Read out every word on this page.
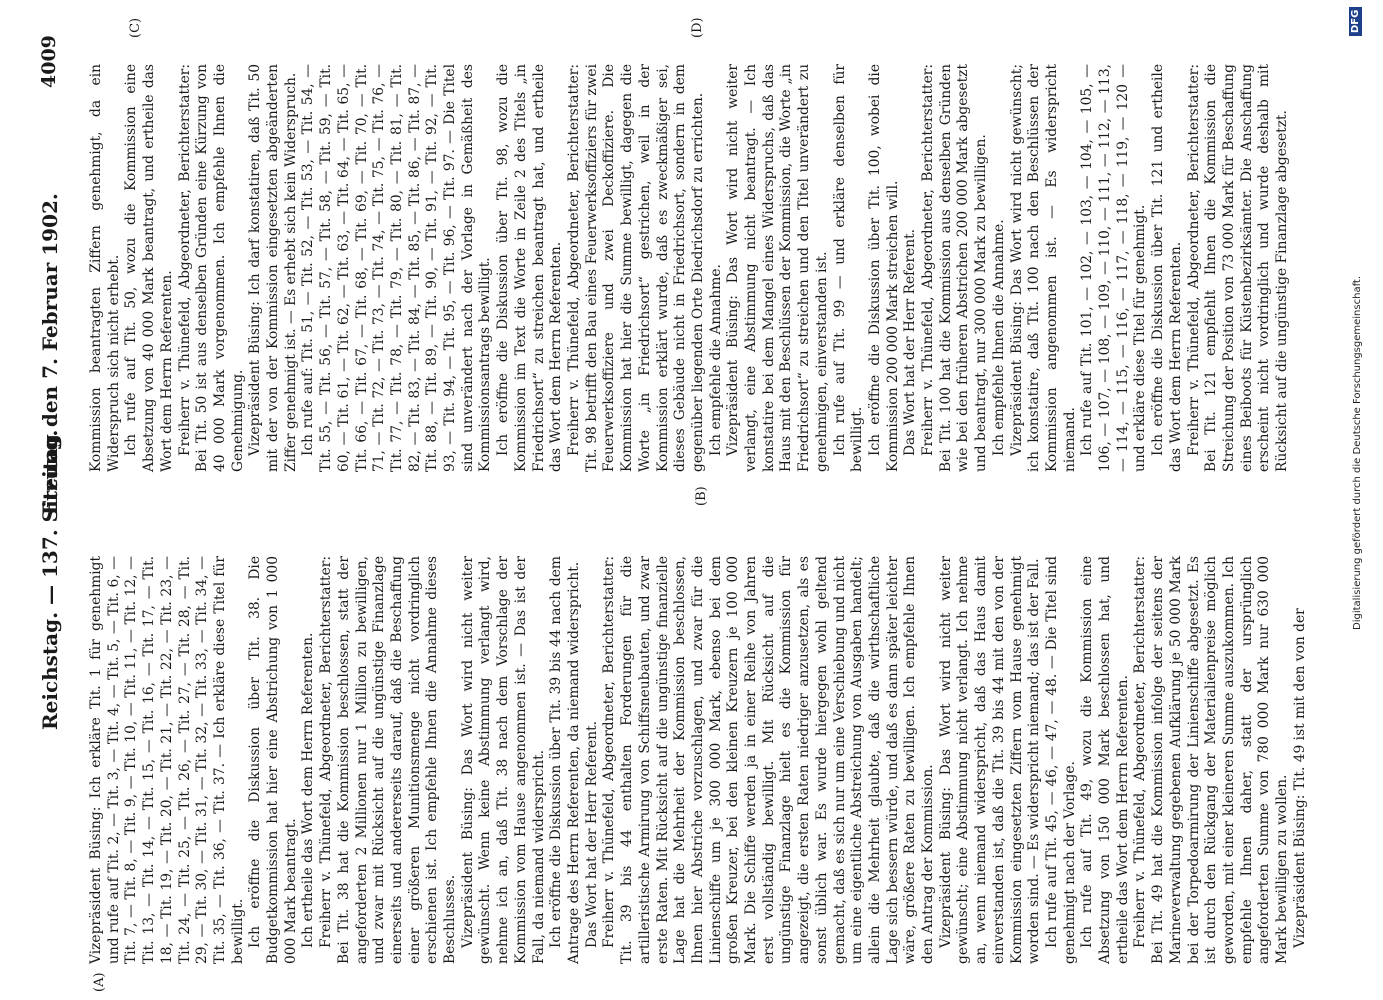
Reichstag. — 137. Sitzung.
Freitag den 7. Februar 1902.
4009
(A)
(B)
(C)	(D)

Vizepräsident Büsing: Ich erkläre Tit. 1 für genehmigt und rufe auf Tit. 2, — Tit. 3, — Tit. 4, — Tit. 5, — Tit. 6, — Tit. 7, — Tit. 8, — Tit. 9, — Tit. 10, — Tit. 11, — Tit. 12, — Tit. 13, — Tit. 14, — Tit. 15, — Tit. 16, — Tit. 17, — Tit. 18, — Tit. 19, — Tit. 20, — Tit. 21, — Tit. 22, — Tit. 23, — Tit. 24, — Tit. 25, — Tit. 26, — Tit. 27, — Tit. 28, — Tit. 29, — Tit. 30, — Tit. 31, — Tit. 32, — Tit. 33, — Tit. 34, — Tit. 35, — Tit. 36, — Tit. 37. — Ich erkläre diese Titel für bewilligt. Ich eröffne die Diskussion über Tit. 38. Die Budgetkommission hat hier eine Abstrichung von 1 000 000 Mark beantragt. Ich ertheile das Wort dem Herrn Referenten. Freiherr v. Thünefeld, Abgeordneter, Berichterstatter: Bei Tit. 38 hat die Kommission beschlossen, statt der angeforderten 2 Millionen nur 1 Million zu bewilligen, und zwar mit Rücksicht auf die ungünstige Finanzlage einerseits und andererseits darauf, daß die Beschaffung einer größeren Munitionsmenge nicht vordringlich erschienen ist. Ich empfehle Ihnen die Annahme dieses Beschlusses. Vizepräsident Büsing: Das Wort wird nicht weiter gewünscht. Wenn keine Abstimmung verlangt wird, nehme ich an, daß Tit. 38 nach dem Vorschlage der Kommission vom Hause angenommen ist. — Das ist der Fall, da niemand widerspricht. Ich eröffne die Diskussion über Tit. 39 bis 44 nach dem Antrage des Herrn Referenten, da niemand widerspricht. Das Wort hat der Herr Referent. Freiherr v. Thünefeld, Abgeordneter, Berichterstatter: Tit. 39 bis 44 enthalten Forderungen für die artilleristische Armirung von Schiffsneubauten, und zwar erste Raten. Mit Rücksicht auf die ungünstige finanzielle Lage hat die Mehrheit der Kommission beschlossen, Ihnen hier Abstriche vorzuschlagen, und zwar für die Linienschiffe um je 300 000 Mark, ebenso bei dem großen Kreuzer, bei den kleinen Kreuzern je 100 000 Mark. Die Schiffe werden ja in einer Reihe von Jahren erst vollständig bewilligt. Mit Rücksicht auf die ungünstige Finanzlage hielt es die Kommission für angezeigt, die ersten Raten niedriger anzusetzen, als es sonst üblich war. Es wurde hiergegen wohl geltend gemacht, daß es sich nur um eine Verschiebung und nicht um eine eigentliche Abstreichung von Ausgaben handelt; allein die Mehrheit glaubte, daß die wirthschaftliche Lage sich bessern würde, und daß es dann später leichter wäre, größere Raten zu bewilligen. Ich empfehle Ihnen den Antrag der Kommission. Vizepräsident Büsing: Das Wort wird nicht weiter gewünscht; eine Abstimmung nicht verlangt. Ich nehme an, wenn niemand widerspricht, daß das Haus damit einverstanden ist, daß die Tit. 39 bis 44 mit den von der Kommission eingesetzten Ziffern vom Hause genehmigt worden sind. — Es widerspricht niemand; das ist der Fall. Ich rufe auf Tit. 45, — 46, — 47, — 48. — Die Titel sind genehmigt nach der Vorlage. Ich rufe auf Tit. 49, wozu die Kommission eine Absetzung von 150 000 Mark beschlossen hat, und ertheile das Wort dem Herrn Referenten. Freiherr v. Thünefeld, Abgeordneter, Berichterstatter: Bei Tit. 49 hat die Kommission infolge der seitens der Marineverwaltung gegebenen Aufklärung je 50 000 Mark bei der Torpedoarmirung der Linienschiffe abgesetzt. Es ist durch den Rückgang der Materialienpreise möglich geworden, mit einer kleineren Summe auszukommen. Ich empfehle Ihnen daher, statt der ursprünglich angeforderten Summe von 780 000 Mark nur 630 000 Mark bewilligen zu wollen. Vizepräsident Büsing: Tit. 49 ist mit den von der

Kommission beantragten Ziffern genehmigt, da ein Widerspruch sich nicht erhebt. Ich rufe auf Tit. 50, wozu die Kommission eine Absetzung von 40 000 Mark beantragt, und ertheile das Wort dem Herrn Referenten. Freiherr v. Thünefeld, Abgeordneter, Berichterstatter: Bei Tit. 50 ist aus denselben Gründen eine Kürzung von 40 000 Mark vorgenommen. Ich empfehle Ihnen die Genehmigung. Vizepräsident Büsing: Ich darf konstatiren, daß Tit. 50 mit der von der Kommission eingesetzten abgeänderten Ziffer genehmigt ist. — Es erhebt sich kein Widerspruch. Ich rufe auf: Tit. 51, — Tit. 52, — Tit. 53, — Tit. 54, — Tit. 55, — Tit. 56, — Tit. 57, — Tit. 58, — Tit. 59, — Tit. 60, — Tit. 61, — Tit. 62, — Tit. 63, — Tit. 64, — Tit. 65, — Tit. 66, — Tit. 67, — Tit. 68, — Tit. 69, — Tit. 70, — Tit. 71, — Tit. 72, — Tit. 73, — Tit. 74, — Tit. 75, — Tit. 76, — Tit. 77, — Tit. 78, — Tit. 79, — Tit. 80, — Tit. 81, — Tit. 82, — Tit. 83, — Tit. 84, — Tit. 85, — Tit. 86, — Tit. 87, — Tit. 88, — Tit. 89, — Tit. 90, — Tit. 91, — Tit. 92, — Tit. 93, — Tit. 94, — Tit. 95, — Tit. 96, — Tit. 97. — Die Titel sind unverändert nach der Vorlage in Gemäßheit des Kommissionsantrags bewilligt. Ich eröffne die Diskussion über Tit. 98, wozu die Kommission im Text die Worte in Zeile 2 des Titels „in Friedrichsort“ zu streichen beantragt hat, und ertheile das Wort dem Herrn Referenten. Freiherr v. Thünefeld, Abgeordneter, Berichterstatter: Tit. 98 betrifft den Bau eines Feuerwerksoffiziers für zwei Feuerwerksoffiziere und zwei Deckoffiziere. Die Kommission hat hier die Summe bewilligt, dagegen die Worte „in Friedrichsort“ gestrichen, weil in der Kommission erklärt wurde, daß es zweckmäßiger sei, dieses Gebäude nicht in Friedrichsort, sondern in dem gegenüber liegenden Orte Diedrichsdorf zu errichten. Ich empfehle die Annahme. Vizepräsident Büsing: Das Wort wird nicht weiter verlangt, eine Abstimmung nicht beantragt. — Ich konstatire bei dem Mangel eines Widerspruchs, daß das Haus mit den Beschlüssen der Kommission, die Worte „in Friedrichsort“ zu streichen und den Titel unverändert zu genehmigen, einverstanden ist. Ich rufe auf Tit. 99 — und erkläre denselben für bewilligt. Ich eröffne die Diskussion über Tit. 100, wobei die Kommission 200 000 Mark streichen will. Das Wort hat der Herr Referent. Freiherr v. Thünefeld, Abgeordneter, Berichterstatter: Bei Tit. 100 hat die Kommission aus denselben Gründen wie bei den früheren Abstrichen 200 000 Mark abgesetzt und beantragt, nur 300 000 Mark zu bewilligen. Ich empfehle Ihnen die Annahme. Vizepräsident Büsing: Das Wort wird nicht gewünscht; ich konstatire, daß Tit. 100 nach den Beschlüssen der Kommission angenommen ist. — Es widerspricht niemand. Ich rufe auf Tit. 101, — 102, — 103, — 104, — 105, — 106, — 107, — 108, — 109, — 110, — 111, — 112, — 113, — 114, — 115, — 116, — 117, — 118, — 119, — 120 — und erkläre diese Titel für genehmigt. Ich eröffne die Diskussion über Tit. 121 und ertheile das Wort dem Herrn Referenten. Freiherr v. Thünefeld, Abgeordneter, Berichterstatter: Bei Tit. 121 empfiehlt Ihnen die Kommission die Streichung der Position von 73 000 Mark für Beschaffung eines Beiboots für Küstenbezirksämter. Die Anschaffung erscheint nicht vordringlich und wurde deshalb mit Rücksicht auf die ungünstige Finanzlage abgesetzt.	Digitalisierung gefördert durch die Deutsche Forschungsgemeinschaft.
DFG
